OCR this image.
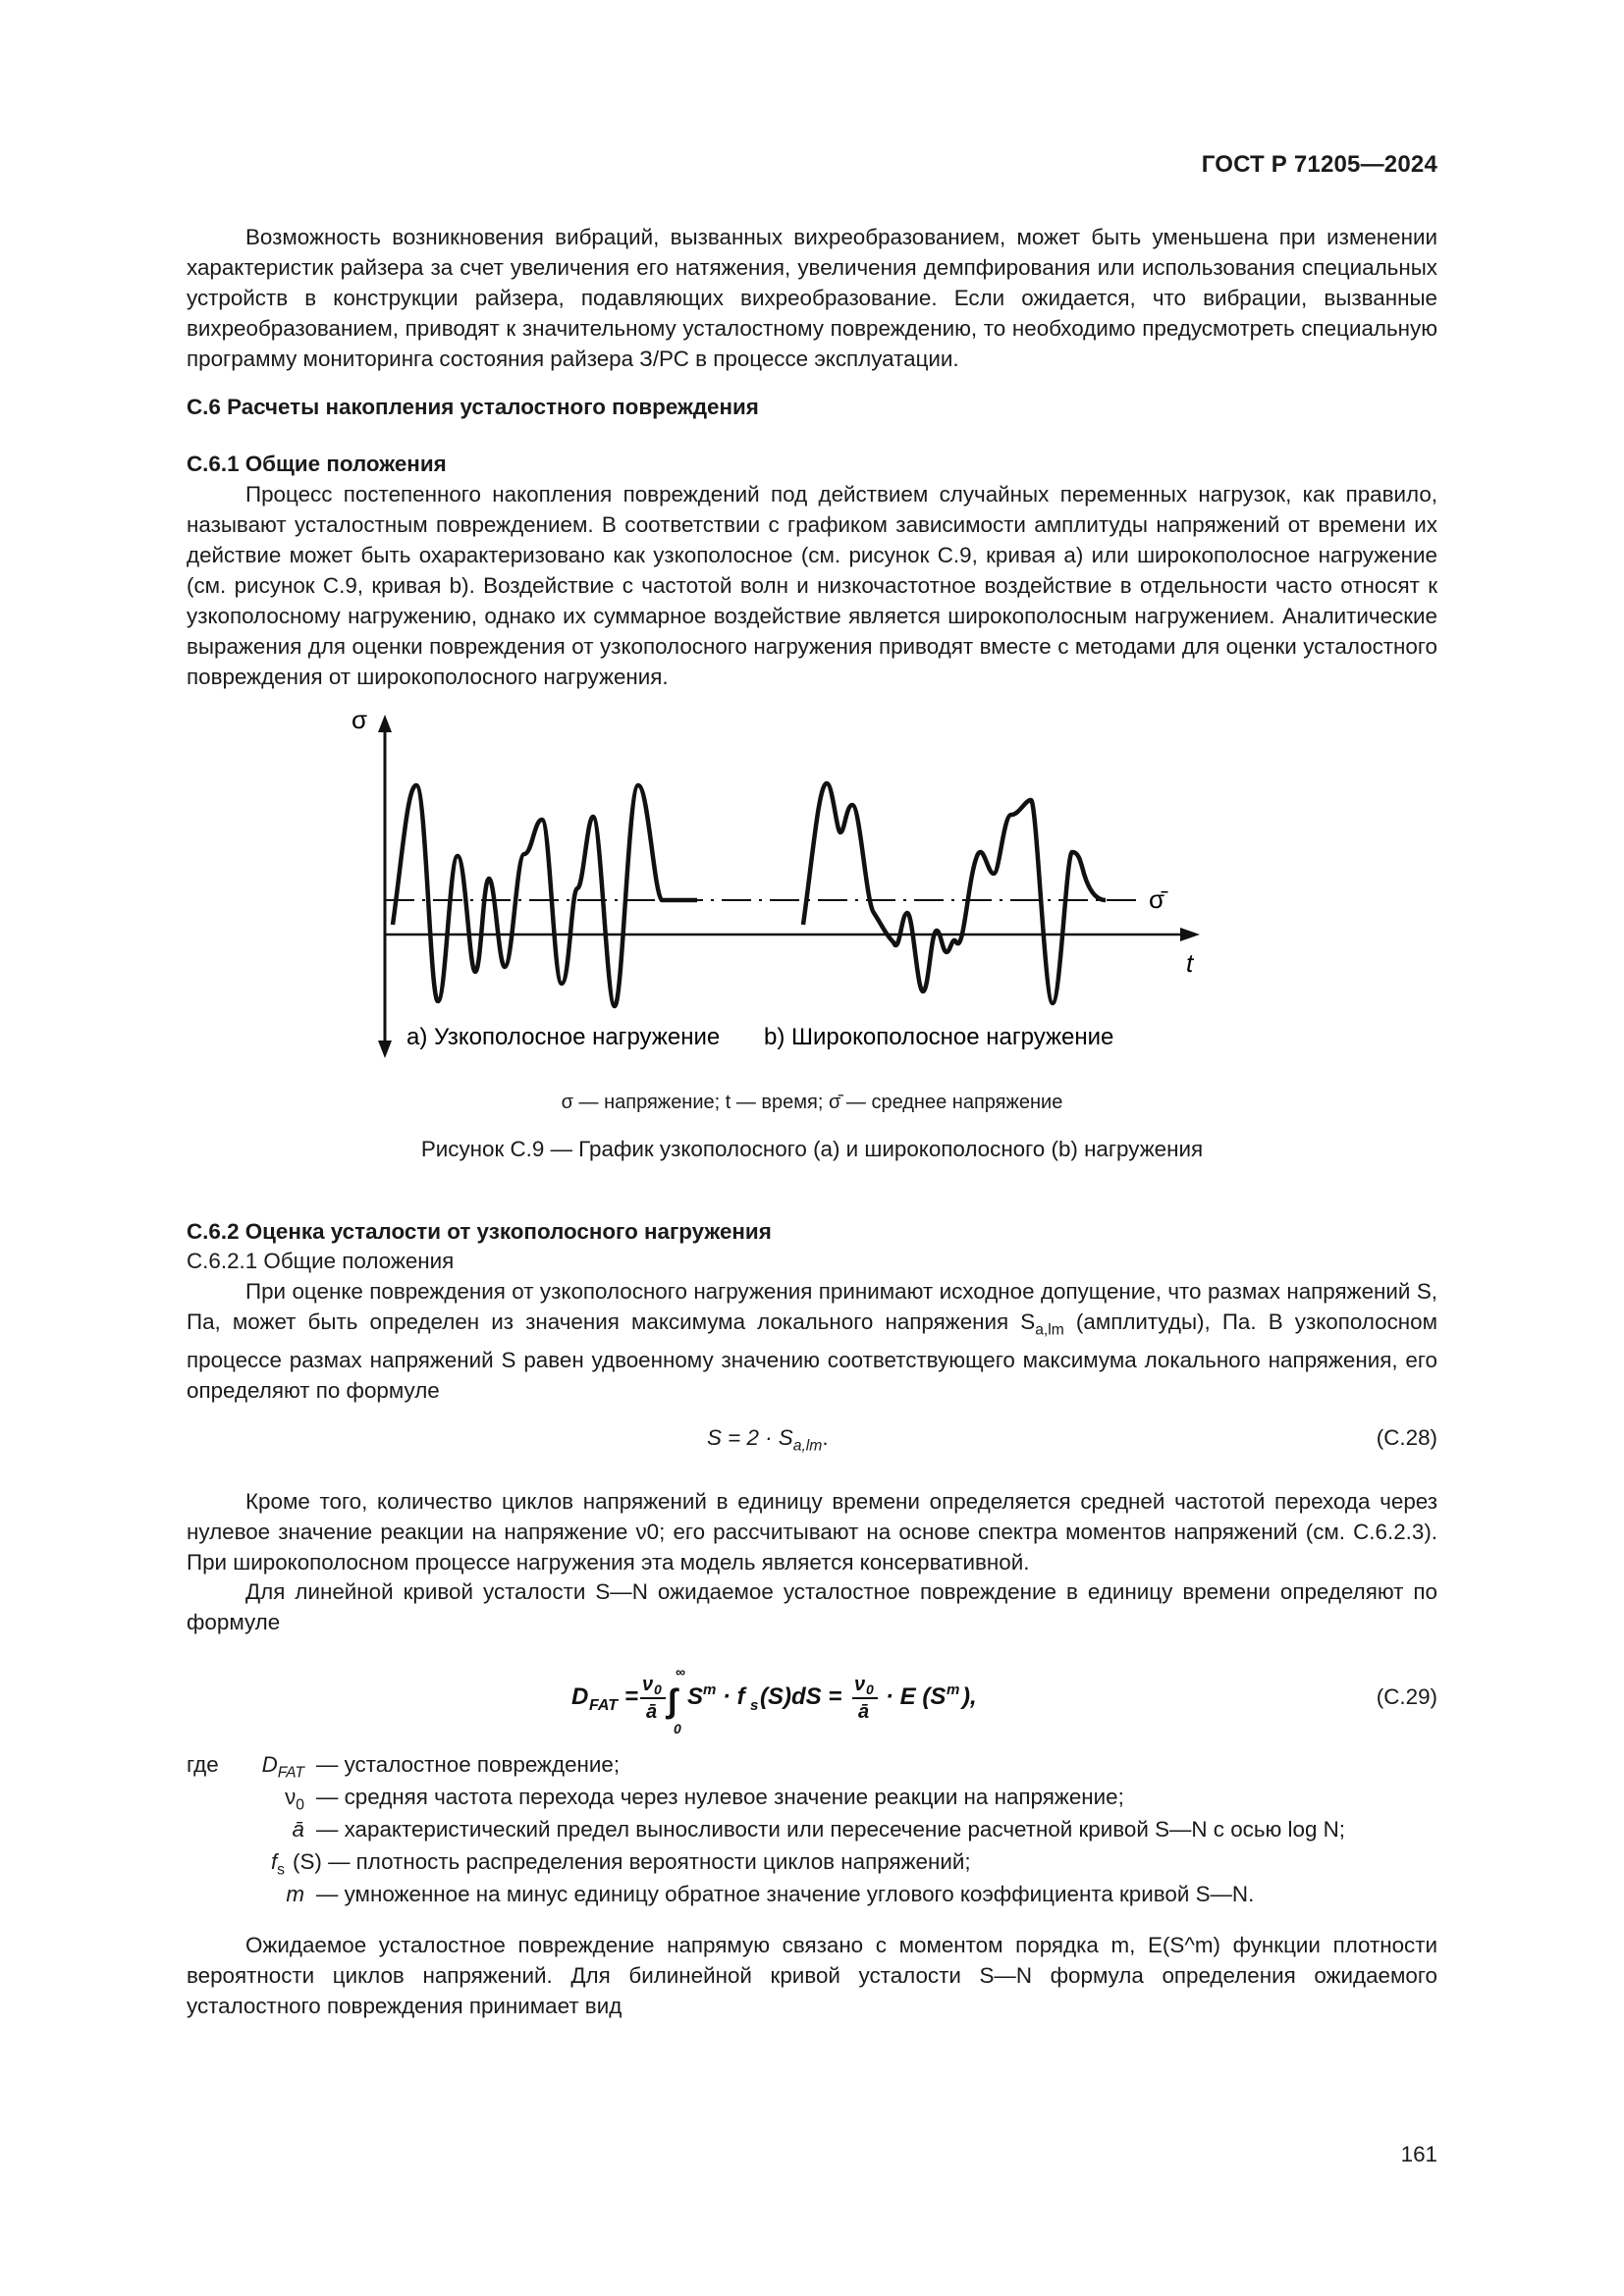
ГОСТ Р 71205—2024

Возможность возникновения вибраций, вызванных вихреобразованием, может быть уменьшена при изменении характеристик райзера за счет увеличения его натяжения, увеличения демпфирования или использования специальных устройств в конструкции райзера, подавляющих вихреобразование. Если ожидается, что вибрации, вызванные вихреобразованием, приводят к значительному усталостному повреждению, то необходимо предусмотреть специальную программу мониторинга состояния райзера З/РС в процессе эксплуатации.

С.6 Расчеты накопления усталостного повреждения
С.6.1 Общие положения

Процесс постепенного накопления повреждений под действием случайных переменных нагрузок, как правило, называют усталостным повреждением. В соответствии с графиком зависимости амплитуды напряжений от времени их действие может быть охарактеризовано как узкополосное (см. рисунок С.9, кривая а) или широкополосное нагружение (см. рисунок С.9, кривая b). Воздействие с частотой волн и низкочастотное воздействие в отдельности часто относят к узкополосному нагружению, однако их суммарное воздействие является широкополосным нагружением. Аналитические выражения для оценки повреждения от узкополосного нагружения приводят вместе с методами для оценки усталостного повреждения от широкополосного нагружения.

σ
t
σ̄
a) Узкополосное нагружение b) Широкополосное нагружение
σ — напряжение; t — время; σ̄ — среднее напряжение
Рисунок С.9 — График узкополосного (а) и широкополосного (b) нагружения
С.6.2 Оценка усталости от узкополосного нагружения
С.6.2.1 Общие положения

При оценке повреждения от узкополосного нагружения принимают исходное допущение, что размах напряжений S, Па, может быть определен из значения максимума локального напряжения $S_{a,lm}$ (амплитуды), Па. В узкополосном процессе размах напряжений S равен удвоенному значению соответствующего максимума локального напряжения, его определяют по формуле

$S = 2 \cdot S_{a,lm}$.	(С.28)

Кроме того, количество циклов напряжений в единицу времени определяется средней частотой перехода через нулевое значение реакции на напряжение ν0; его рассчитывают на основе спектра моментов напряжений (см. С.6.2.3). При широкополосном процессе нагружения эта модель является консервативной.

Для линейной кривой усталости S—N ожидаемое усталостное повреждение в единицу времени определяют по формуле

D FAT = ν 0
ā ∫
∞
0
S m · f s (S)dS = ν 0
ā
· E (S m ),	(С.29)
где	$D_{FAT}$ — усталостное повреждение;
$\nu_0$ — средняя частота перехода через нулевое значение реакции на напряжение;
ā — характеристический предел выносливости или пересечение расчетной кривой S—N с осью log N;
$f_s$ (S) — плотность распределения вероятности циклов напряжений;
m — умноженное на минус единицу обратное значение углового коэффициента кривой S—N.

Ожидаемое усталостное повреждение напрямую связано с моментом порядка m, E(S^m) функции плотности вероятности циклов напряжений. Для билинейной кривой усталости S—N формула определения ожидаемого усталостного повреждения принимает вид

161
